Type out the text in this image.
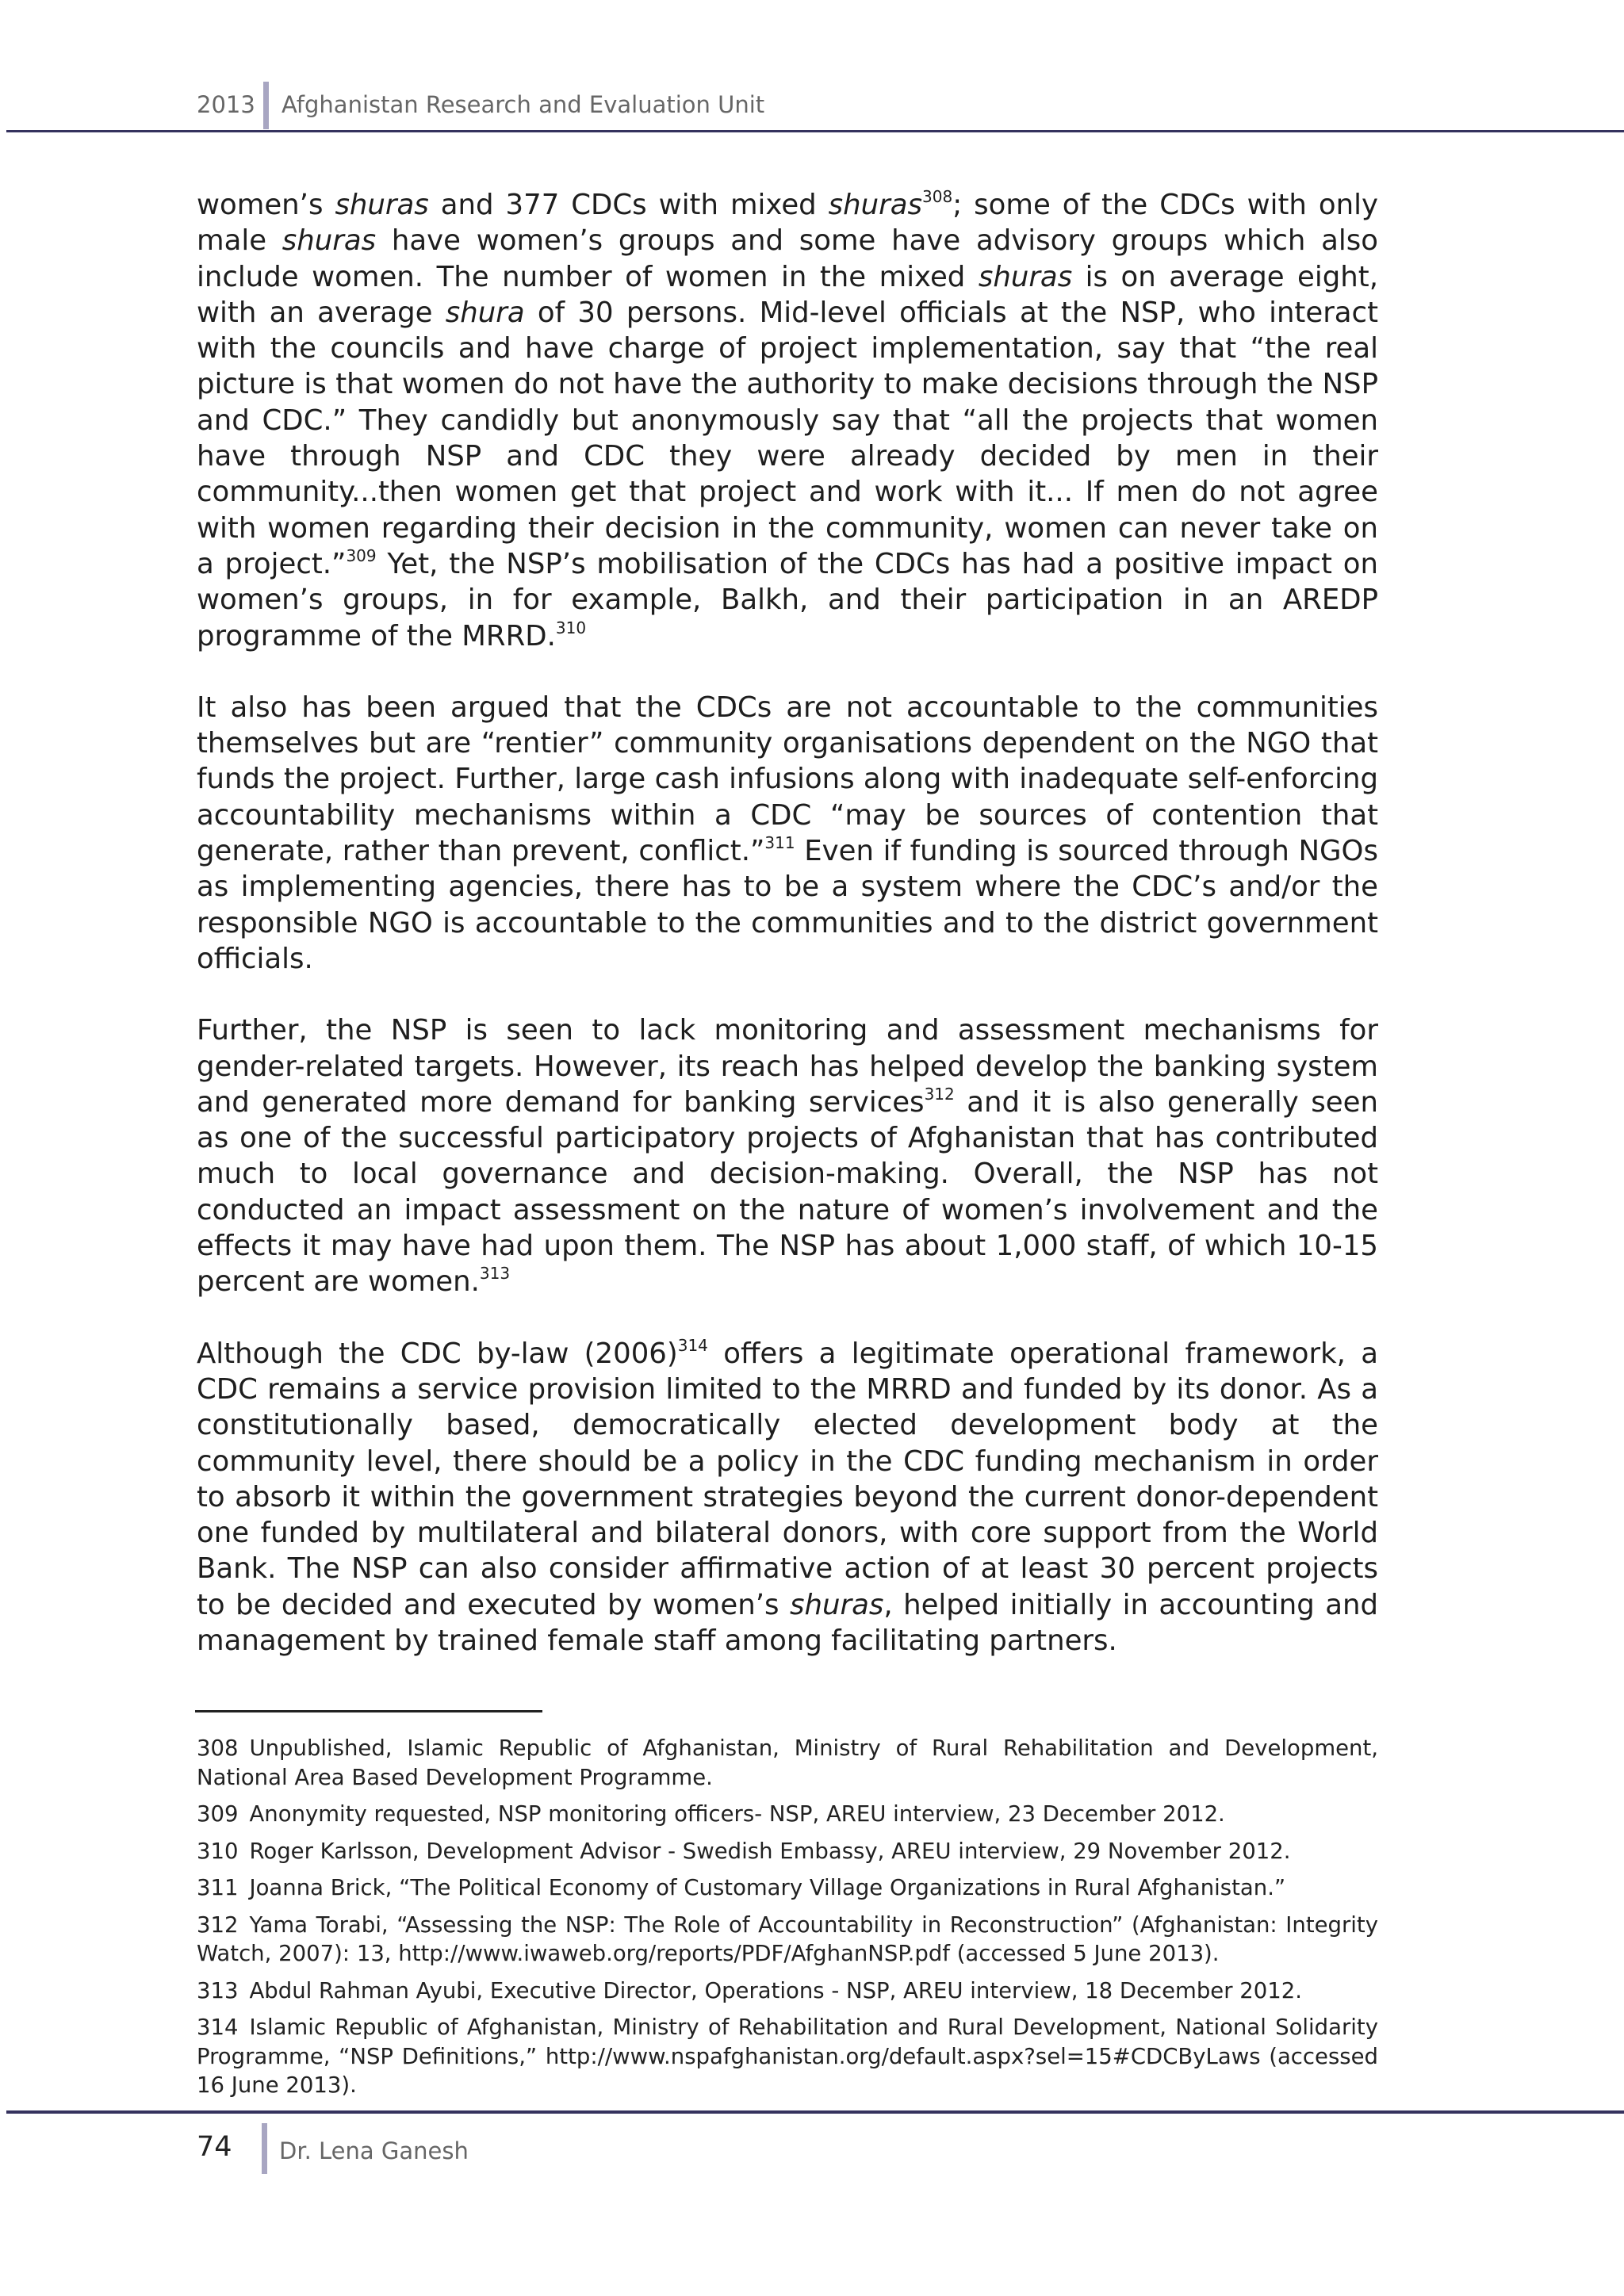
2013 Afghanistan Research and Evaluation Unit

women’s shuras and 377 CDCs with mixed shuras$^{308}$; some of the CDCs with only male shuras have women’s groups and some have advisory groups which also include women. The number of women in the mixed shuras is on average eight, with an average shura of 30 persons. Mid-level officials at the NSP, who interact with the councils and have charge of project implementation, say that “the real picture is that women do not have the authority to make decisions through the NSP and CDC.” They candidly but anonymously say that “all the projects that women have through NSP and CDC they were already decided by men in their community...then women get that project and work with it... If men do not agree with women regarding their decision in the community, women can never take on a project.”$^{309}$ Yet, the NSP’s mobilisation of the CDCs has had a positive impact on women’s groups, in for example, Balkh, and their participation in an AREDP programme of the MRRD.$^{310}$

It also has been argued that the CDCs are not accountable to the communities themselves but are “rentier” community organisations dependent on the NGO that funds the project. Further, large cash infusions along with inadequate self-enforcing accountability mechanisms within a CDC “may be sources of contention that generate, rather than prevent, conflict.”$^{311}$ Even if funding is sourced through NGOs as implementing agencies, there has to be a system where the CDC’s and/or the responsible NGO is accountable to the communities and to the district government officials.

Further, the NSP is seen to lack monitoring and assessment mechanisms for gender-related targets. However, its reach has helped develop the banking system and generated more demand for banking services$^{312}$ and it is also generally seen as one of the successful participatory projects of Afghanistan that has contributed much to local governance and decision-making. Overall, the NSP has not conducted an impact assessment on the nature of women’s involvement and the effects it may have had upon them. The NSP has about 1,000 staff, of which 10-15 percent are women.$^{313}$

Although the CDC by-law $(2006)^{314}$ offers a legitimate operational framework, a CDC remains a service provision limited to the MRRD and funded by its donor. As a constitutionally based, democratically elected development body at the community level, there should be a policy in the CDC funding mechanism in order to absorb it within the government strategies beyond the current donor-dependent one funded by multilateral and bilateral donors, with core support from the World Bank. The NSP can also consider affirmative action of at least 30 percent projects to be decided and executed by women’s shuras, helped initially in accounting and management by trained female staff among facilitating partners.

308 Unpublished, Islamic Republic of Afghanistan, Ministry of Rural Rehabilitation and Development, National Area Based Development Programme.
309 Anonymity requested, NSP monitoring officers- NSP, AREU interview, 23 December 2012.
310 Roger Karlsson, Development Advisor - Swedish Embassy, AREU interview, 29 November 2012.
311 Joanna Brick, “The Political Economy of Customary Village Organizations in Rural Afghanistan.”
312 Yama Torabi, “Assessing the NSP: The Role of Accountability in Reconstruction” (Afghanistan: Integrity Watch, 2007): 13, http://www.iwaweb.org/reports/PDF/AfghanNSP.pdf (accessed 5 June 2013).
313 Abdul Rahman Ayubi, Executive Director, Operations - NSP, AREU interview, 18 December 2012.
314 Islamic Republic of Afghanistan, Ministry of Rehabilitation and Rural Development, National Solidarity Programme, “NSP Definitions,” http://www.nspafghanistan.org/default.aspx?sel=15#CDCByLaws (accessed 16 June 2013).
74 Dr. Lena Ganesh
